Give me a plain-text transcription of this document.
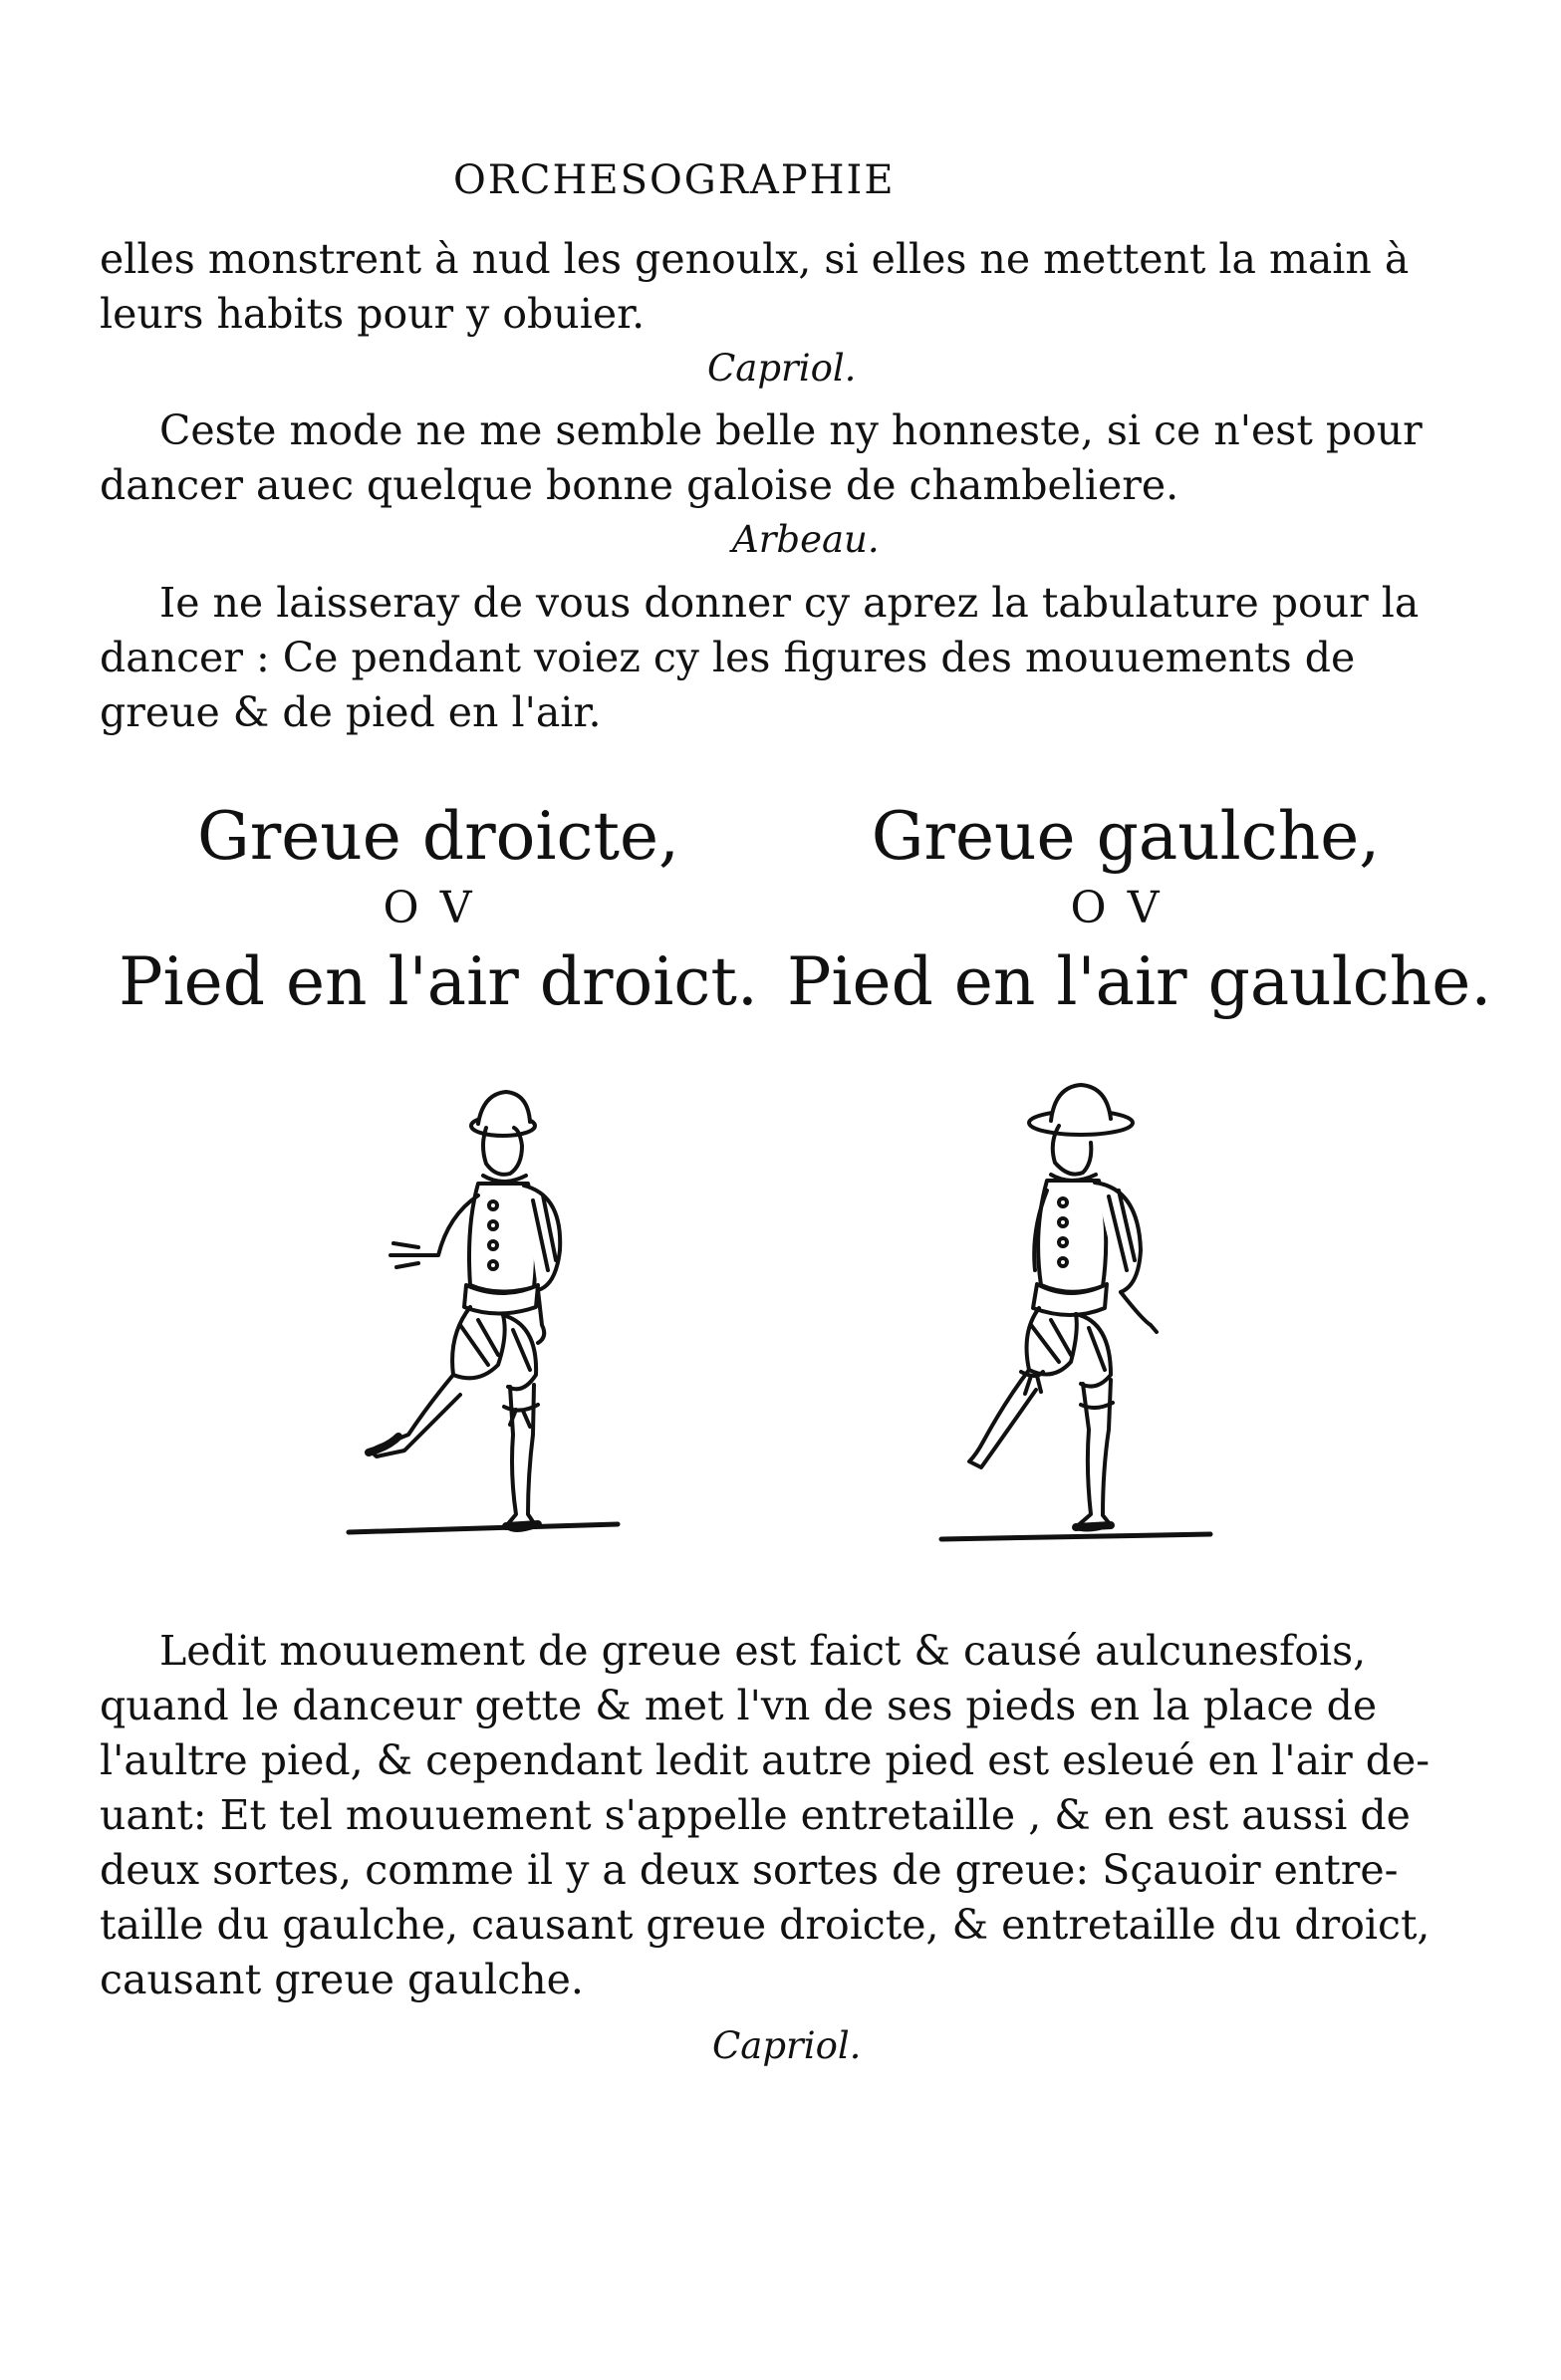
ORCHESOGRAPHIE
elles monstrent à nud les genoulx, si elles ne mettent la main à
leurs habits pour y obuier.
Capriol.
Ceste mode ne me semble belle ny honneste, si ce n'est pour
dancer auec quelque bonne galoise de chambeliere.
Arbeau.
Ie ne laisseray de vous donner cy aprez la tabulature pour la
dancer : Ce pendant voiez cy les figures des mouuements de
greue & de pied en l'air.
Greue droicte,
OV
Pied en l'air droict.
Greue gaulche,
OV
Pied en l'air gaulche.
Ledit mouuement de greue est faict & causé aulcunesfois,
quand le danceur gette & met l'vn de ses pieds en la place de
l'aultre pied, & cependant ledit autre pied est esleué en l'air de-
uant: Et tel mouuement s'appelle entretaille , & en est aussi de
deux sortes, comme il y a deux sortes de greue: Sçauoir entre-
taille du gaulche, causant greue droicte, & entretaille du droict,
causant greue gaulche.
Capriol.
